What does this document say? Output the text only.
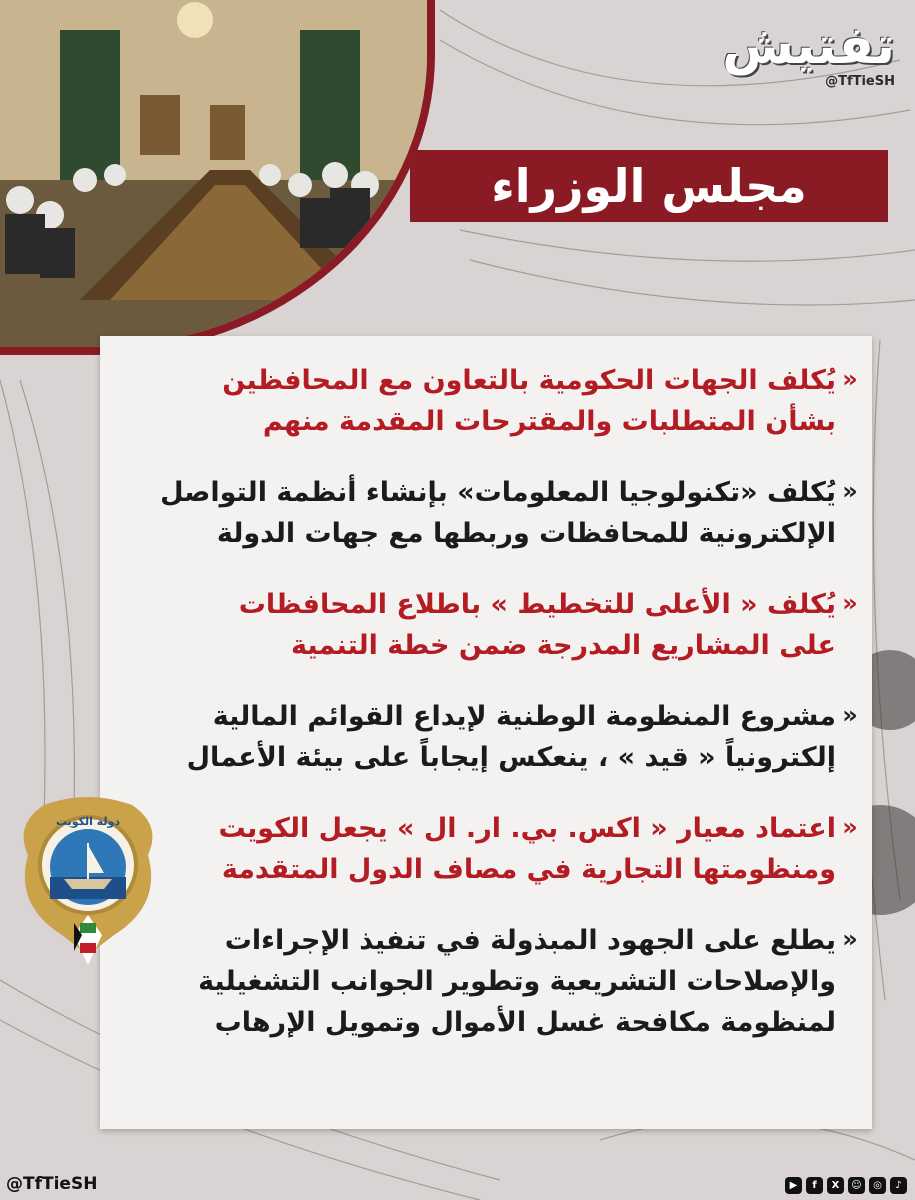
تفتيش
@TfTieSH
مجلس الوزراء
«
يُكلف الجهات الحكومية بالتعاون مع المحافظين
بشأن المتطلبات والمقترحات المقدمة منهم
«
يُكلف «تكنولوجيا المعلومات» بإنشاء أنظمة التواصل
الإلكترونية للمحافظات وربطها مع جهات الدولة
«
يُكلف « الأعلى للتخطيط » باطلاع المحافظات
على المشاريع المدرجة ضمن خطة التنمية
«
مشروع المنظومة الوطنية لإيداع القوائم المالية
إلكترونياً « قيد » ، ينعكس إيجاباً على بيئة الأعمال
«
اعتماد معيار « اكس. بي. ار. ال » يجعل الكويت
ومنظومتها التجارية في مصاف الدول المتقدمة
«
يطلع على الجهود المبذولة في تنفيذ الإجراءات
والإصلاحات التشريعية وتطوير الجوانب التشغيلية
لمنظومة مكافحة غسل الأموال وتمويل الإرهاب
دولة الكويت
@TfTieSH	▶	f	X	☺	◎	♪
